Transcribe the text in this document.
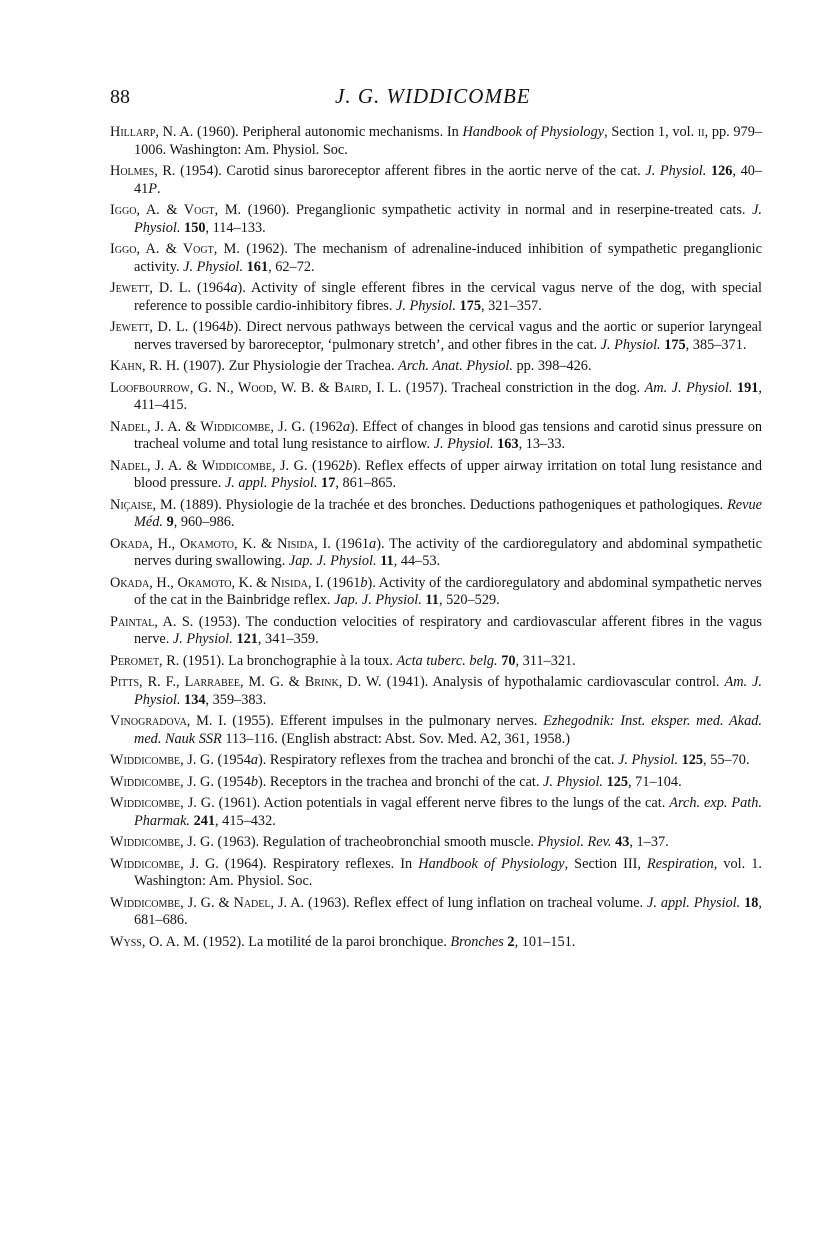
88	J. G. WIDDICOMBE

Hillarp, N. A. (1960). Peripheral autonomic mechanisms. In Handbook of Physiology, Section 1, vol. ii, pp. 979–1006. Washington: Am. Physiol. Soc.

Holmes, R. (1954). Carotid sinus baroreceptor afferent fibres in the aortic nerve of the cat. J. Physiol. 126, 40–41P.

Iggo, A. & Vogt, M. (1960). Preganglionic sympathetic activity in normal and in reserpine-treated cats. J. Physiol. 150, 114–133.

Iggo, A. & Vogt, M. (1962). The mechanism of adrenaline-induced inhibition of sympathetic preganglionic activity. J. Physiol. 161, 62–72.

Jewett, D. L. (1964a). Activity of single efferent fibres in the cervical vagus nerve of the dog, with special reference to possible cardio-inhibitory fibres. J. Physiol. 175, 321–357.

Jewett, D. L. (1964b). Direct nervous pathways between the cervical vagus and the aortic or superior laryngeal nerves traversed by baroreceptor, ‘pulmonary stretch’, and other fibres in the cat. J. Physiol. 175, 385–371.

Kahn, R. H. (1907). Zur Physiologie der Trachea. Arch. Anat. Physiol. pp. 398–426.

Loofbourrow, G. N., Wood, W. B. & Baird, I. L. (1957). Tracheal constriction in the dog. Am. J. Physiol. 191, 411–415.

Nadel, J. A. & Widdicombe, J. G. (1962a). Effect of changes in blood gas tensions and carotid sinus pressure on tracheal volume and total lung resistance to airflow. J. Physiol. 163, 13–33.

Nadel, J. A. & Widdicombe, J. G. (1962b). Reflex effects of upper airway irritation on total lung resistance and blood pressure. J. appl. Physiol. 17, 861–865.

Niçaise, M. (1889). Physiologie de la trachée et des bronches. Deductions pathogeniques et pathologiques. Revue Méd. 9, 960–986.

Okada, H., Okamoto, K. & Nisida, I. (1961a). The activity of the cardioregulatory and abdominal sympathetic nerves during swallowing. Jap. J. Physiol. 11, 44–53.

Okada, H., Okamoto, K. & Nisida, I. (1961b). Activity of the cardioregulatory and abdominal sympathetic nerves of the cat in the Bainbridge reflex. Jap. J. Physiol. 11, 520–529.

Paintal, A. S. (1953). The conduction velocities of respiratory and cardiovascular afferent fibres in the vagus nerve. J. Physiol. 121, 341–359.

Peromet, R. (1951). La bronchographie à la toux. Acta tuberc. belg. 70, 311–321.

Pitts, R. F., Larrabee, M. G. & Brink, D. W. (1941). Analysis of hypothalamic cardiovascular control. Am. J. Physiol. 134, 359–383.

Vinogradova, M. I. (1955). Efferent impulses in the pulmonary nerves. Ezhegodnik: Inst. eksper. med. Akad. med. Nauk SSR 113–116. (English abstract: Abst. Sov. Med. A2, 361, 1958.)

Widdicombe, J. G. (1954a). Respiratory reflexes from the trachea and bronchi of the cat. J. Physiol. 125, 55–70.

Widdicombe, J. G. (1954b). Receptors in the trachea and bronchi of the cat. J. Physiol. 125, 71–104.

Widdicombe, J. G. (1961). Action potentials in vagal efferent nerve fibres to the lungs of the cat. Arch. exp. Path. Pharmak. 241, 415–432.

Widdicombe, J. G. (1963). Regulation of tracheobronchial smooth muscle. Physiol. Rev. 43, 1–37.

Widdicombe, J. G. (1964). Respiratory reflexes. In Handbook of Physiology, Section III, Respiration, vol. 1. Washington: Am. Physiol. Soc.

Widdicombe, J. G. & Nadel, J. A. (1963). Reflex effect of lung inflation on tracheal volume. J. appl. Physiol. 18, 681–686.

Wyss, O. A. M. (1952). La motilité de la paroi bronchique. Bronches 2, 101–151.
